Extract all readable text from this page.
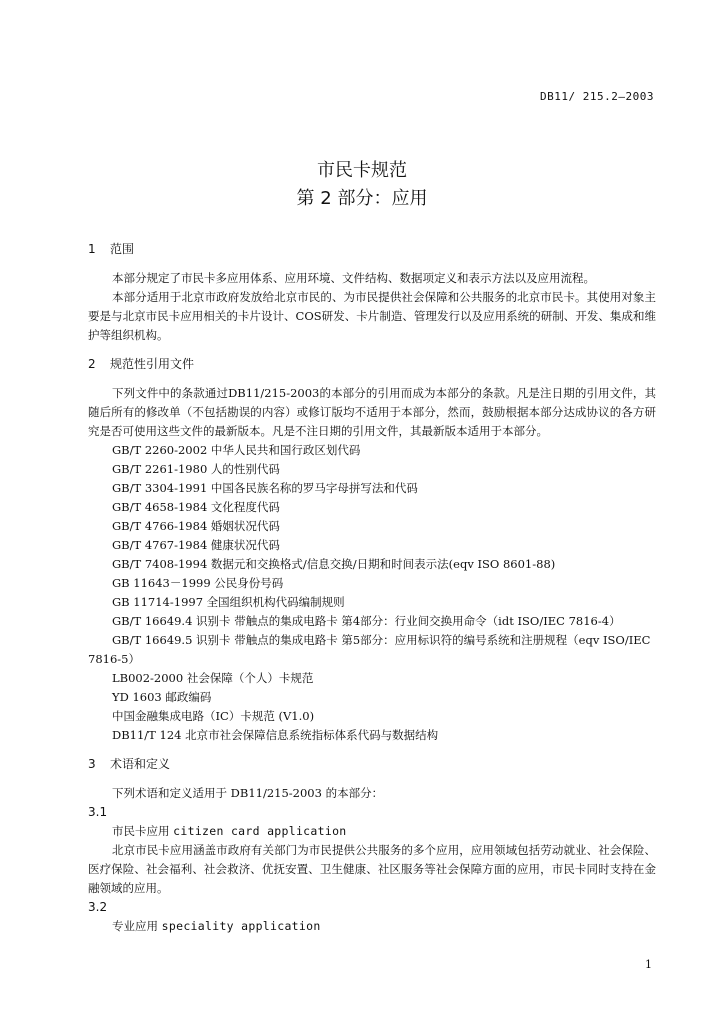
DB11/ 215.2—2003
市民卡规范
第 2 部分：应用

1 范围

本部分规定了市民卡多应用体系、应用环境、文件结构、数据项定义和表示方法以及应用流程。

本部分适用于北京市政府发放给北京市民的、为市民提供社会保障和公共服务的北京市民卡。其使用对象主要是与北京市民卡应用相关的卡片设计、COS研发、卡片制造、管理发行以及应用系统的研制、开发、集成和维护等组织机构。

2 规范性引用文件

下列文件中的条款通过DB11/215-2003的本部分的引用而成为本部分的条款。凡是注日期的引用文件，其随后所有的修改单（不包括勘误的内容）或修订版均不适用于本部分，然而，鼓励根据本部分达成协议的各方研究是否可使用这些文件的最新版本。凡是不注日期的引用文件，其最新版本适用于本部分。

GB/T 2260-2002 中华人民共和国行政区划代码

GB/T 2261-1980 人的性别代码

GB/T 3304-1991 中国各民族名称的罗马字母拼写法和代码

GB/T 4658-1984 文化程度代码

GB/T 4766-1984 婚姻状况代码

GB/T 4767-1984 健康状况代码

GB/T 7408-1994 数据元和交换格式/信息交换/日期和时间表示法(eqv ISO 8601-88)

GB 11643－1999 公民身份号码

GB 11714-1997 全国组织机构代码编制规则

GB/T 16649.4 识别卡 带触点的集成电路卡 第4部分：行业间交换用命令（idt ISO/IEC 7816-4）

GB/T 16649.5 识别卡 带触点的集成电路卡 第5部分：应用标识符的编号系统和注册规程（eqv ISO/IEC 7816-5）

LB002-2000 社会保障（个人）卡规范

YD 1603 邮政编码

中国金融集成电路（IC）卡规范 (V1.0)

DB11/T 124 北京市社会保障信息系统指标体系代码与数据结构

3 术语和定义

下列术语和定义适用于 DB11/215-2003 的本部分：

3.1

市民卡应用 citizen card application

北京市民卡应用涵盖市政府有关部门为市民提供公共服务的多个应用，应用领域包括劳动就业、社会保险、医疗保险、社会福利、社会救济、优抚安置、卫生健康、社区服务等社会保障方面的应用，市民卡同时支持在金融领域的应用。

3.2

专业应用 speciality application

1
